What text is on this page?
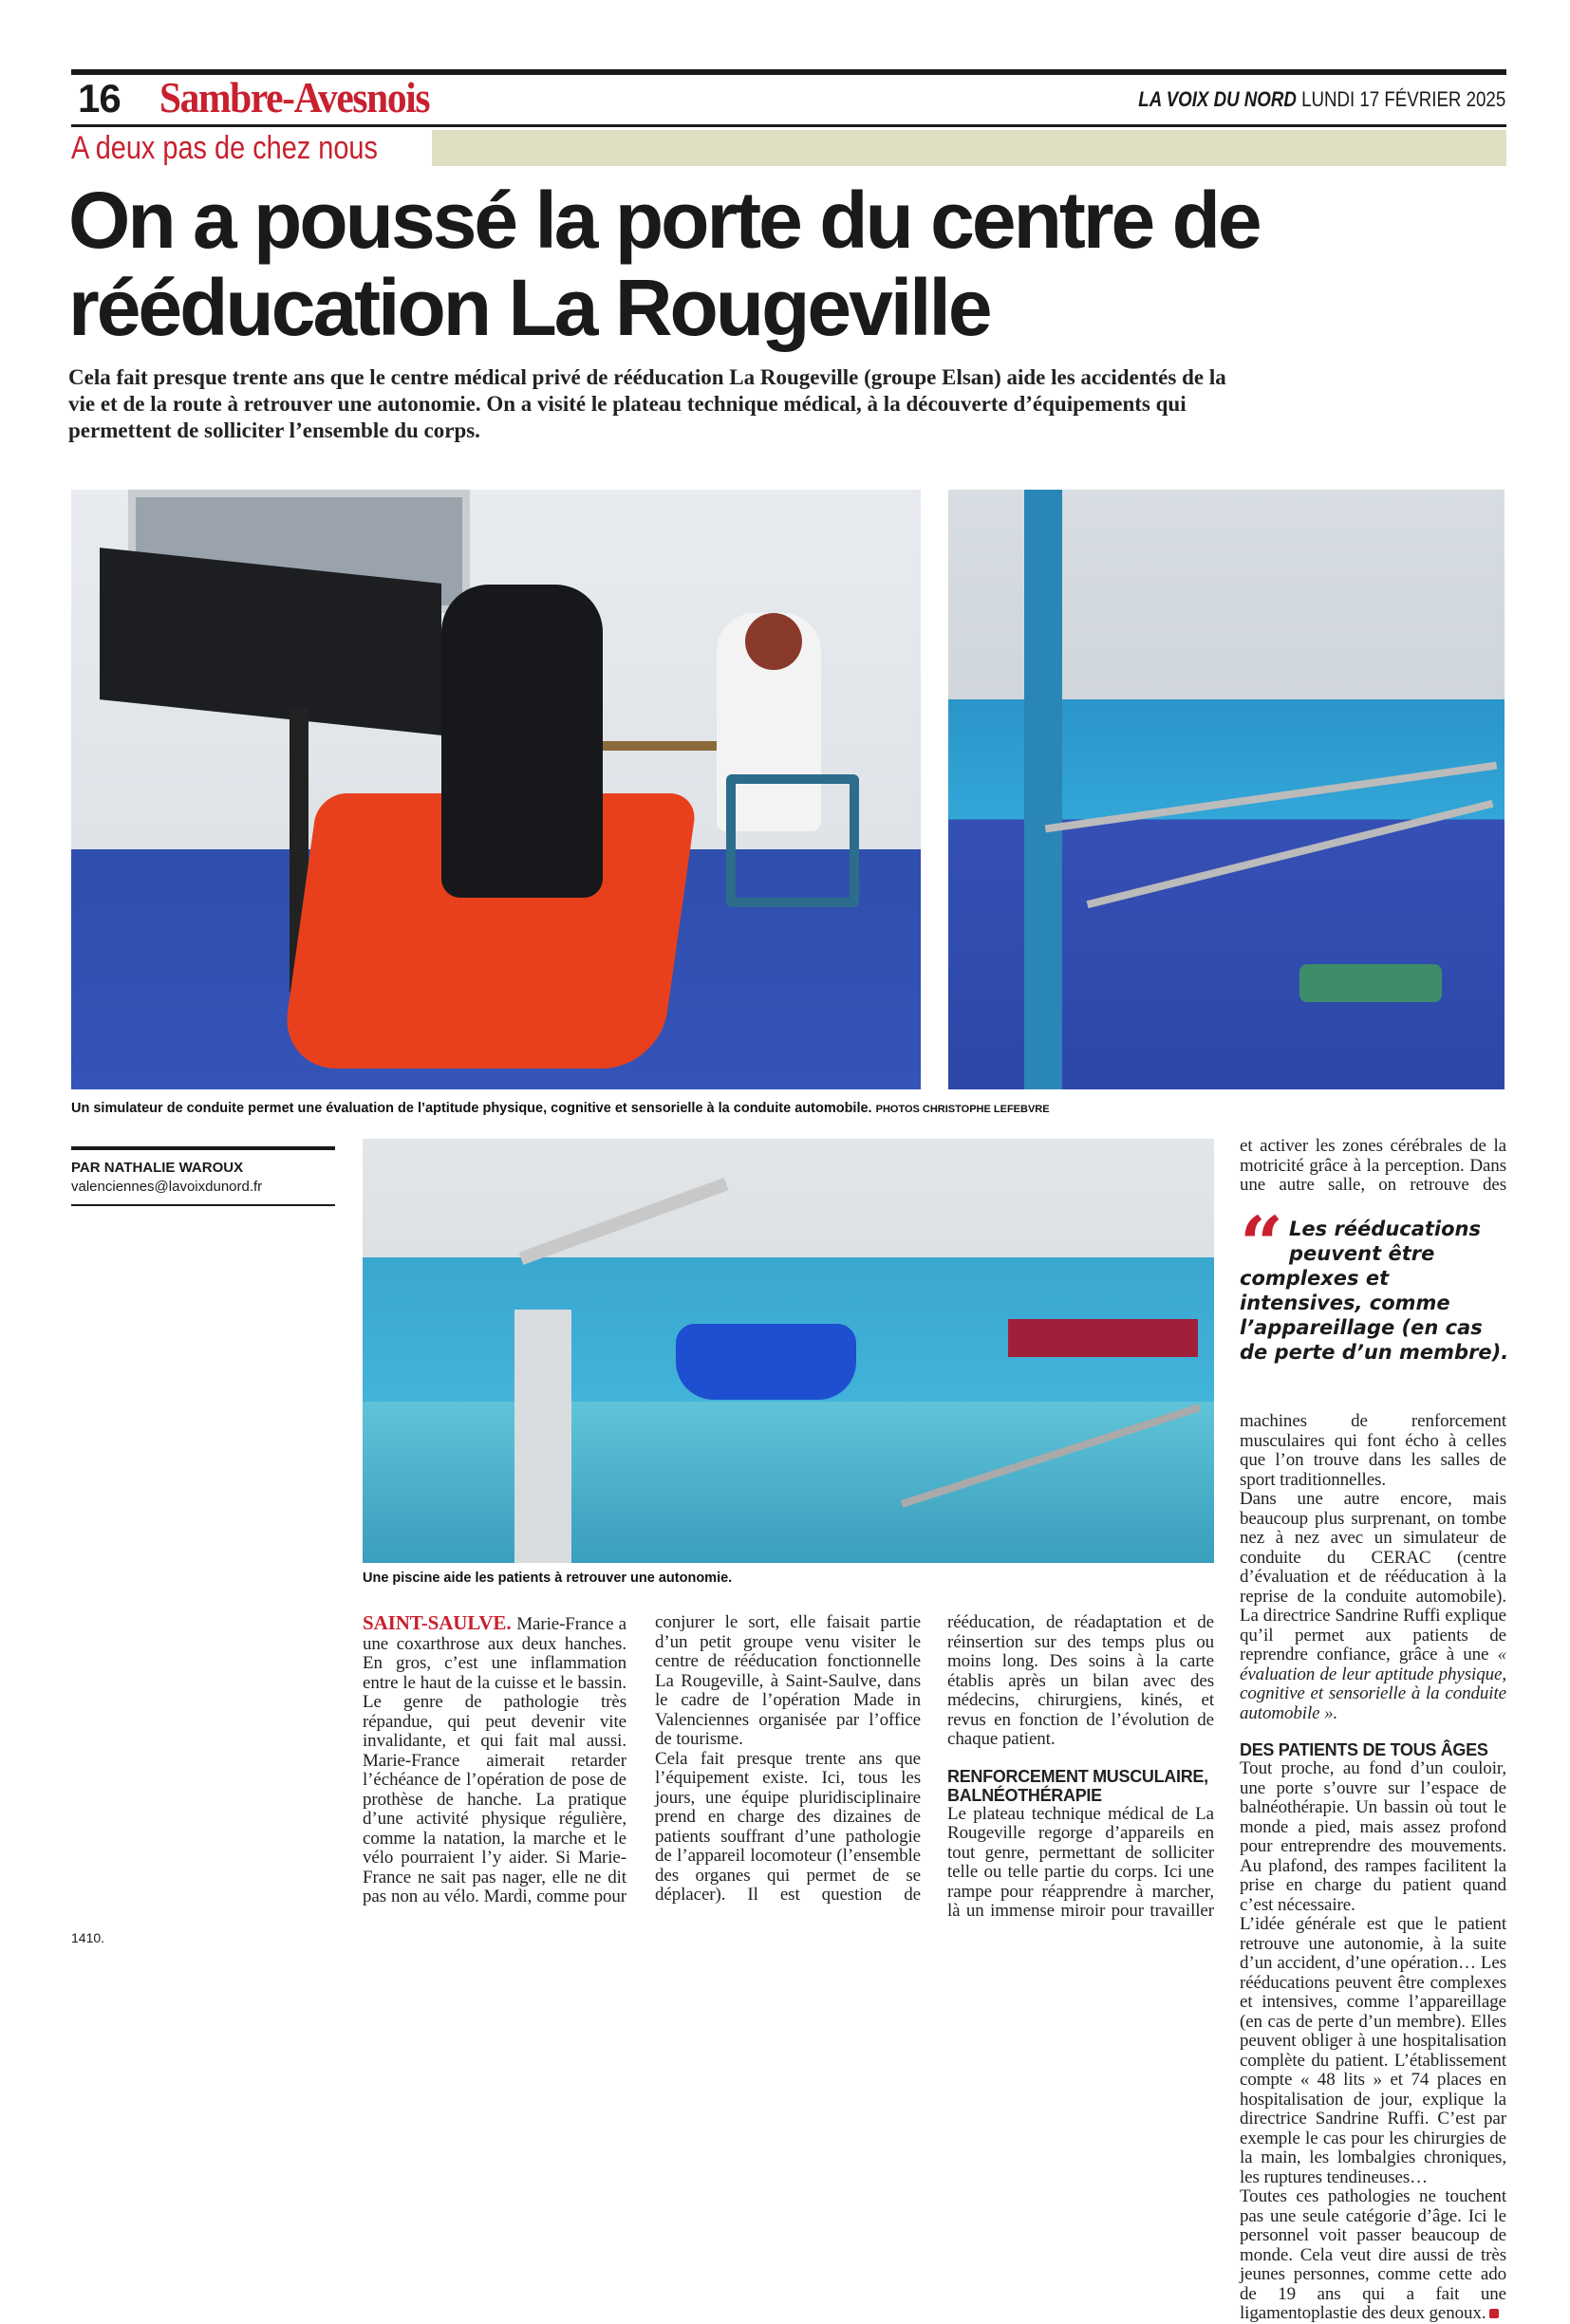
16 Sambre-Avesnois	LA VOIX DU NORD LUNDI 17 FÉVRIER 2025
A deux pas de chez nous
On a poussé la porte du centre de rééducation La Rougeville
Cela fait presque trente ans que le centre médical privé de rééducation La Rougeville (groupe Elsan) aide les accidentés de la vie et de la route à retrouver une autonomie. On a visité le plateau technique médical, à la découverte d’équipements qui permettent de solliciter l’ensemble du corps.
Un simulateur de conduite permet une évaluation de l’aptitude physique, cognitive et sensorielle à la conduite automobile. PHOTOS CHRISTOPHE LEFEBVRE
PAR NATHALIE WAROUX
valenciennes@lavoixdunord.fr
Une piscine aide les patients à retrouver une autonomie.

SAINT-SAULVE. Marie-France a une coxarthrose aux deux hanches. En gros, c’est une inflammation entre le haut de la cuisse et le bassin. Le genre de pathologie très répandue, qui peut devenir vite invalidante, et qui fait mal aussi. Marie-France aimerait retarder l’échéance de l’opération de pose de prothèse de hanche. La pratique d’une activité physique régulière, comme la natation, la marche et le vélo pourraient l’y aider. Si Marie-France ne sait pas nager, elle ne dit pas non au vélo. Mardi, comme pour

conjurer le sort, elle faisait partie d’un petit groupe venu visiter le centre de rééducation fonctionnelle La Rougeville, à Saint-Saulve, dans le cadre de l’opération Made in Valenciennes organisée par l’office de tourisme.

Cela fait presque trente ans que l’équipement existe. Ici, tous les jours, une équipe pluridisciplinaire prend en charge des dizaines de patients souffrant d’une pathologie de l’appareil locomoteur (l’ensemble des organes qui permet de se déplacer). Il est question de

rééducation, de réadaptation et de réinsertion sur des temps plus ou moins long. Des soins à la carte établis après un bilan avec des médecins, chirurgiens, kinés, et revus en fonction de l’évolution de chaque patient.

RENFORCEMENT MUSCULAIRE, BALNÉOTHÉRAPIE

Le plateau technique médical de La Rougeville regorge d’appareils en tout genre, permettant de solliciter telle ou telle partie du corps. Ici une rampe pour réapprendre à marcher, là un immense miroir pour travailler

et activer les zones cérébrales de la motricité grâce à la perception. Dans une autre salle, on retrouve des

machines de renforcement musculaires qui font écho à celles que l’on trouve dans les salles de sport traditionnelles.

Dans une autre encore, mais beaucoup plus surprenant, on tombe nez à nez avec un simulateur de conduite du CERAC (centre d’évaluation et de rééducation à la reprise de la conduite automobile). La directrice Sandrine Ruffi explique qu’il permet aux patients de reprendre confiance, grâce à une « évaluation de leur aptitude physique, cognitive et sensorielle à la conduite automobile ».

DES PATIENTS DE TOUS ÂGES

Tout proche, au fond d’un couloir, une porte s’ouvre sur l’espace de balnéothérapie. Un bassin où tout le monde a pied, mais assez profond pour entreprendre des mouvements. Au plafond, des rampes facilitent la prise en charge du patient quand c’est nécessaire.

L’idée générale est que le patient retrouve une autonomie, à la suite d’un accident, d’une opération… Les rééducations peuvent être complexes et intensives, comme l’appareillage (en cas de perte d’un membre). Elles peuvent obliger à une hospitalisation complète du patient. L’établissement compte « 48 lits » et 74 places en hospitalisation de jour, explique la directrice Sandrine Ruffi. C’est par exemple le cas pour les chirurgies de la main, les lombalgies chroniques, les ruptures tendineuses…

Toutes ces pathologies ne touchent pas une seule catégorie d’âge. Ici le personnel voit passer beaucoup de monde. Cela veut dire aussi de très jeunes personnes, comme cette ado de 19 ans qui a fait une ligamentoplastie des deux genoux.

“ Les rééducations peuvent être complexes et intensives, comme l’appareillage (en cas de perte d’un membre).
1410.
